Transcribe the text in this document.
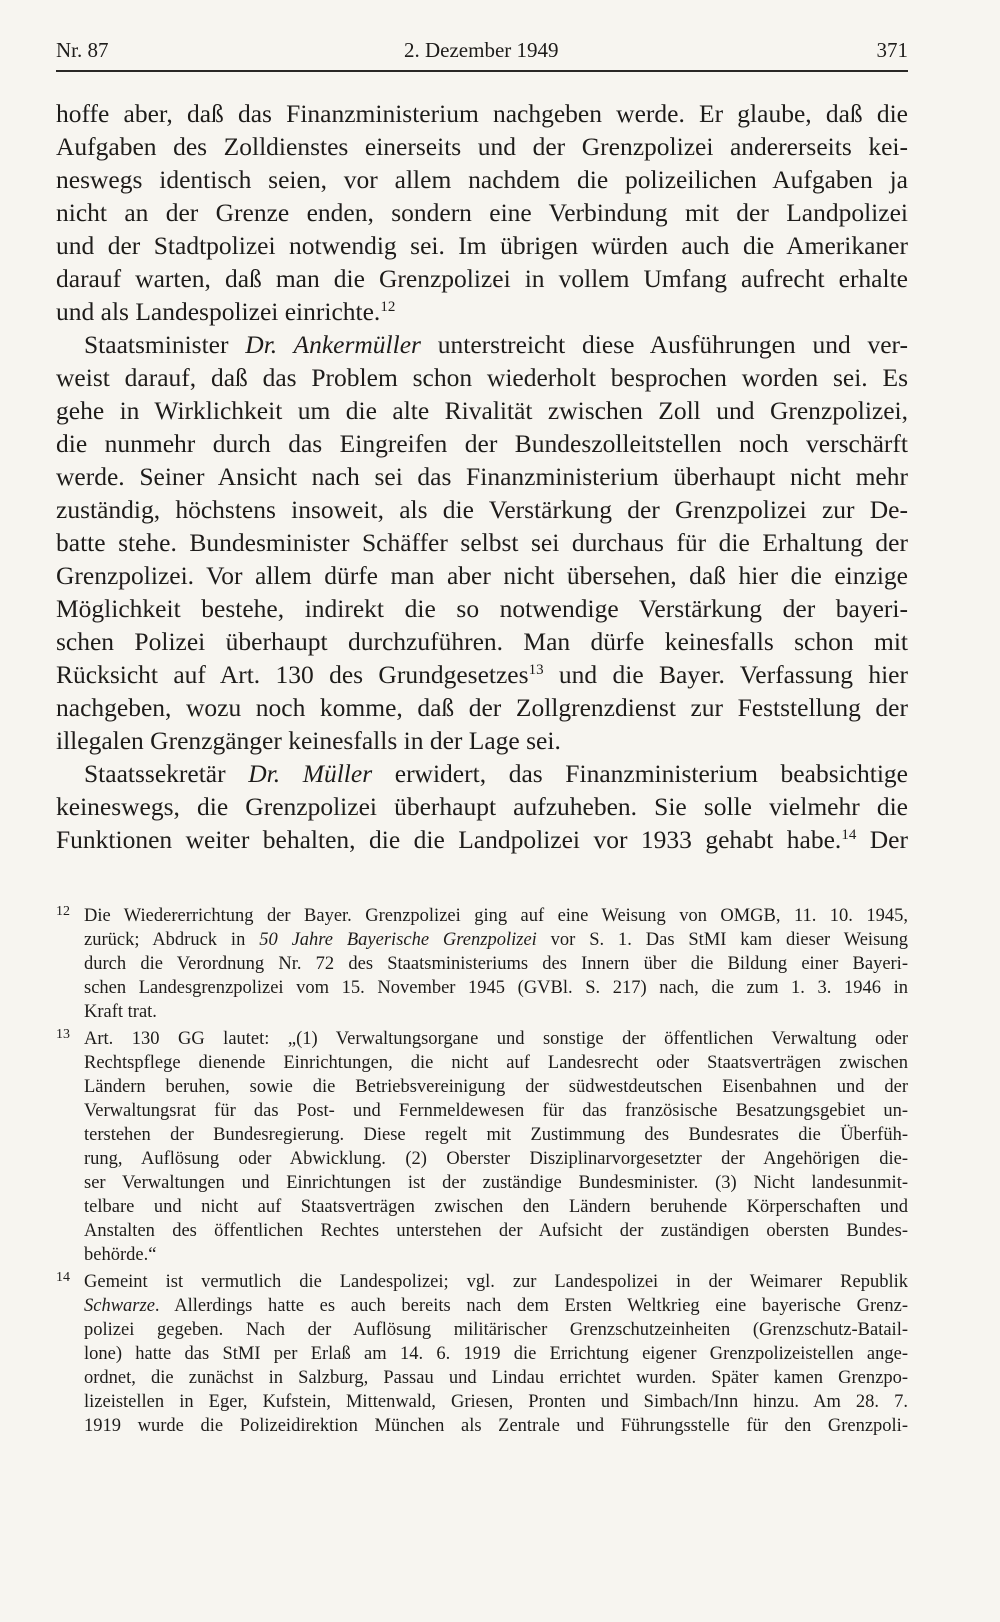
Nr. 87	2. Dezember 1949	371
hoffe aber, daß das Finanzministerium nachgeben werde. Er glaube, daß die
Aufgaben des Zolldienstes einerseits und der Grenzpolizei andererseits kei-
neswegs identisch seien, vor allem nachdem die polizeilichen Aufgaben ja
nicht an der Grenze enden, sondern eine Verbindung mit der Landpolizei
und der Stadtpolizei notwendig sei. Im übrigen würden auch die Amerikaner
darauf warten, daß man die Grenzpolizei in vollem Umfang aufrecht erhalte
und als Landespolizei einrichte.$^{12}$
Staatsminister Dr. Ankermüller unterstreicht diese Ausführungen und ver-
weist darauf, daß das Problem schon wiederholt besprochen worden sei. Es
gehe in Wirklichkeit um die alte Rivalität zwischen Zoll und Grenzpolizei,
die nunmehr durch das Eingreifen der Bundeszolleitstellen noch verschärft
werde. Seiner Ansicht nach sei das Finanzministerium überhaupt nicht mehr
zuständig, höchstens insoweit, als die Verstärkung der Grenzpolizei zur De-
batte stehe. Bundesminister Schäffer selbst sei durchaus für die Erhaltung der
Grenzpolizei. Vor allem dürfe man aber nicht übersehen, daß hier die einzige
Möglichkeit bestehe, indirekt die so notwendige Verstärkung der bayeri-
schen Polizei überhaupt durchzuführen. Man dürfe keinesfalls schon mit
Rücksicht auf Art. 130 des Grundgesetzes$^{13}$ und die Bayer. Verfassung hier
nachgeben, wozu noch komme, daß der Zollgrenzdienst zur Feststellung der
illegalen Grenzgänger keinesfalls in der Lage sei.
Staatssekretär Dr. Müller erwidert, das Finanzministerium beabsichtige
keineswegs, die Grenzpolizei überhaupt aufzuheben. Sie solle vielmehr die
Funktionen weiter behalten, die die Landpolizei vor 1933 gehabt habe.$^{14}$ Der
12 Die Wiedererrichtung der Bayer. Grenzpolizei ging auf eine Weisung von OMGB, 11. 10. 1945,
zurück; Abdruck in 50 Jahre Bayerische Grenzpolizei vor S. 1. Das StMI kam dieser Weisung
durch die Verordnung Nr. 72 des Staatsministeriums des Innern über die Bildung einer Bayeri-
schen Landesgrenzpolizei vom 15. November 1945 (GVBl. S. 217) nach, die zum 1. 3. 1946 in
Kraft trat.
13 Art. 130 GG lautet: „(1) Verwaltungsorgane und sonstige der öffentlichen Verwaltung oder
Rechtspflege dienende Einrichtungen, die nicht auf Landesrecht oder Staatsverträgen zwischen
Ländern beruhen, sowie die Betriebsvereinigung der südwestdeutschen Eisenbahnen und der
Verwaltungsrat für das Post- und Fernmeldewesen für das französische Besatzungsgebiet un-
terstehen der Bundesregierung. Diese regelt mit Zustimmung des Bundesrates die Überfüh-
rung, Auflösung oder Abwicklung. (2) Oberster Disziplinarvorgesetzter der Angehörigen die-
ser Verwaltungen und Einrichtungen ist der zuständige Bundesminister. (3) Nicht landesunmit-
telbare und nicht auf Staatsverträgen zwischen den Ländern beruhende Körperschaften und
Anstalten des öffentlichen Rechtes unterstehen der Aufsicht der zuständigen obersten Bundes-
behörde.“
14 Gemeint ist vermutlich die Landespolizei; vgl. zur Landespolizei in der Weimarer Republik
Schwarze. Allerdings hatte es auch bereits nach dem Ersten Weltkrieg eine bayerische Grenz-
polizei gegeben. Nach der Auflösung militärischer Grenzschutzeinheiten (Grenzschutz-Batail-
lone) hatte das StMI per Erlaß am 14. 6. 1919 die Errichtung eigener Grenzpolizeistellen ange-
ordnet, die zunächst in Salzburg, Passau und Lindau errichtet wurden. Später kamen Grenzpo-
lizeistellen in Eger, Kufstein, Mittenwald, Griesen, Pronten und Simbach/Inn hinzu. Am 28. 7.
1919 wurde die Polizeidirektion München als Zentrale und Führungsstelle für den Grenzpoli-
